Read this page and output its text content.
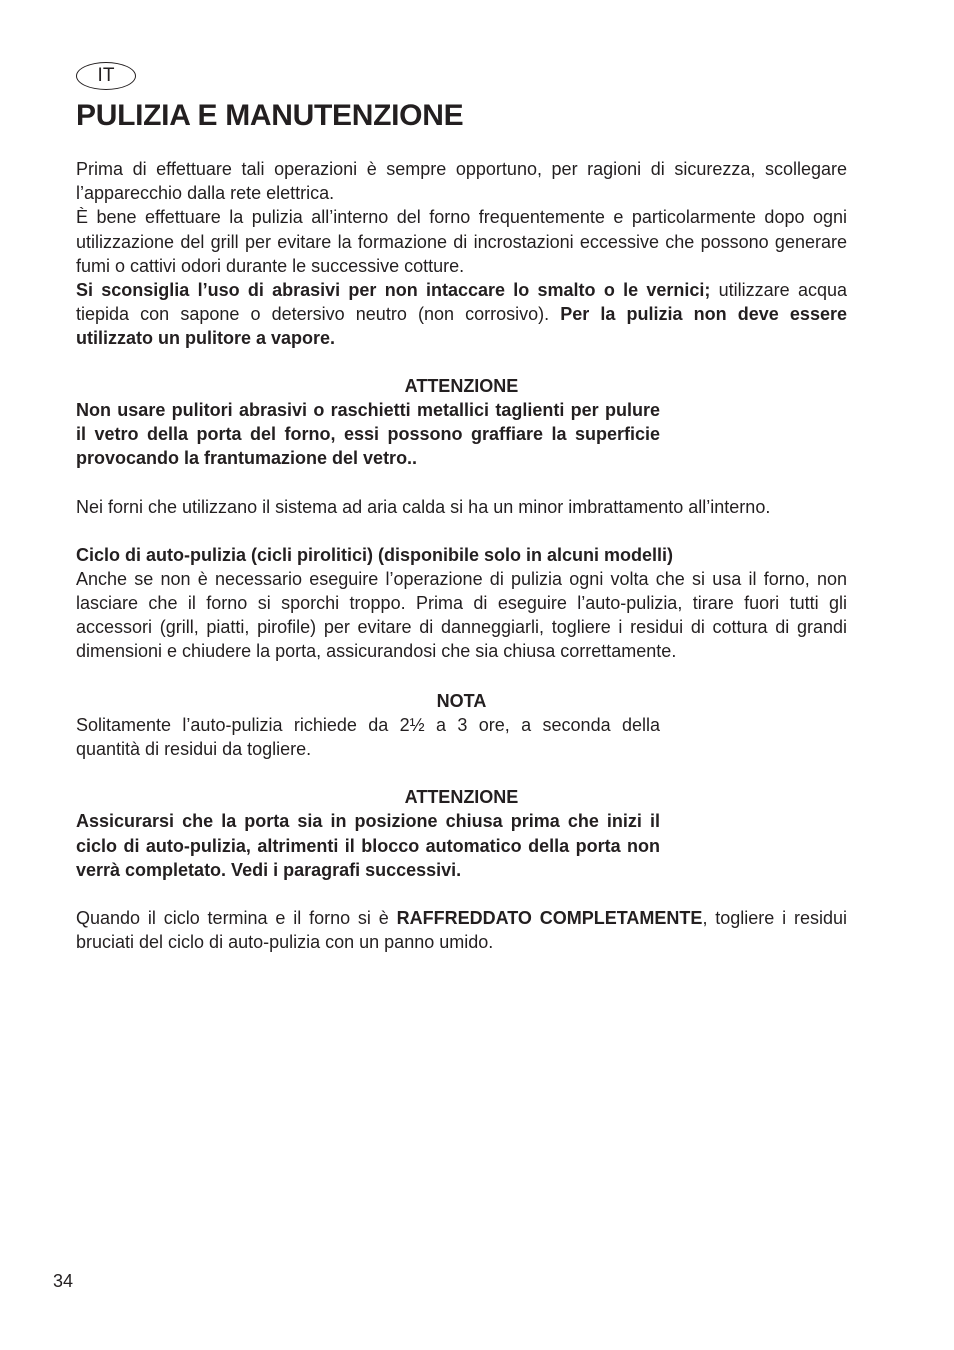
IT
PULIZIA E MANUTENZIONE

Prima di effettuare tali operazioni è sempre opportuno, per ragioni di sicurezza, scollegare l’apparecchio dalla rete elettrica.

È bene effettuare la pulizia all’interno del forno frequentemente e particolarmente dopo ogni utilizzazione del grill per evitare la formazione di incrostazioni eccessive che possono generare fumi o cattivi odori durante le successive cotture.

Si sconsiglia l’uso di abrasivi per non intaccare lo smalto o le vernici; utilizzare acqua tiepida con sapone o detersivo neutro (non corrosivo). Per la pulizia non deve essere utilizzato un pulitore a vapore.

ATTENZIONE

Non usare pulitori abrasivi o raschietti metallici taglienti per pulure il vetro della porta del forno, essi possono graffiare la superficie provocando la frantumazione del vetro..

Nei forni che utilizzano il sistema ad aria calda si ha un minor imbrattamento all’interno.

Ciclo di auto-pulizia (cicli pirolitici) (disponibile solo in alcuni modelli)

Anche se non è necessario eseguire l’operazione di pulizia ogni volta che si usa il forno, non lasciare che il forno si sporchi troppo. Prima di eseguire l’auto-pulizia, tirare fuori tutti gli accessori (grill, piatti, pirofile) per evitare di danneggiarli, togliere i residui di cottura di grandi dimensioni e chiudere la porta, assicurandosi che sia chiusa correttamente.

NOTA

Solitamente l’auto-pulizia richiede da 2½ a 3 ore, a seconda della quantità di residui da togliere.

ATTENZIONE

Assicurarsi che la porta sia in posizione chiusa prima che inizi il ciclo di auto-pulizia, altrimenti il blocco automatico della porta non verrà completato. Vedi i paragrafi successivi.

Quando il ciclo termina e il forno si è RAFFREDDATO COMPLETAMENTE, togliere i residui bruciati del ciclo di auto-pulizia con un panno umido.

34
